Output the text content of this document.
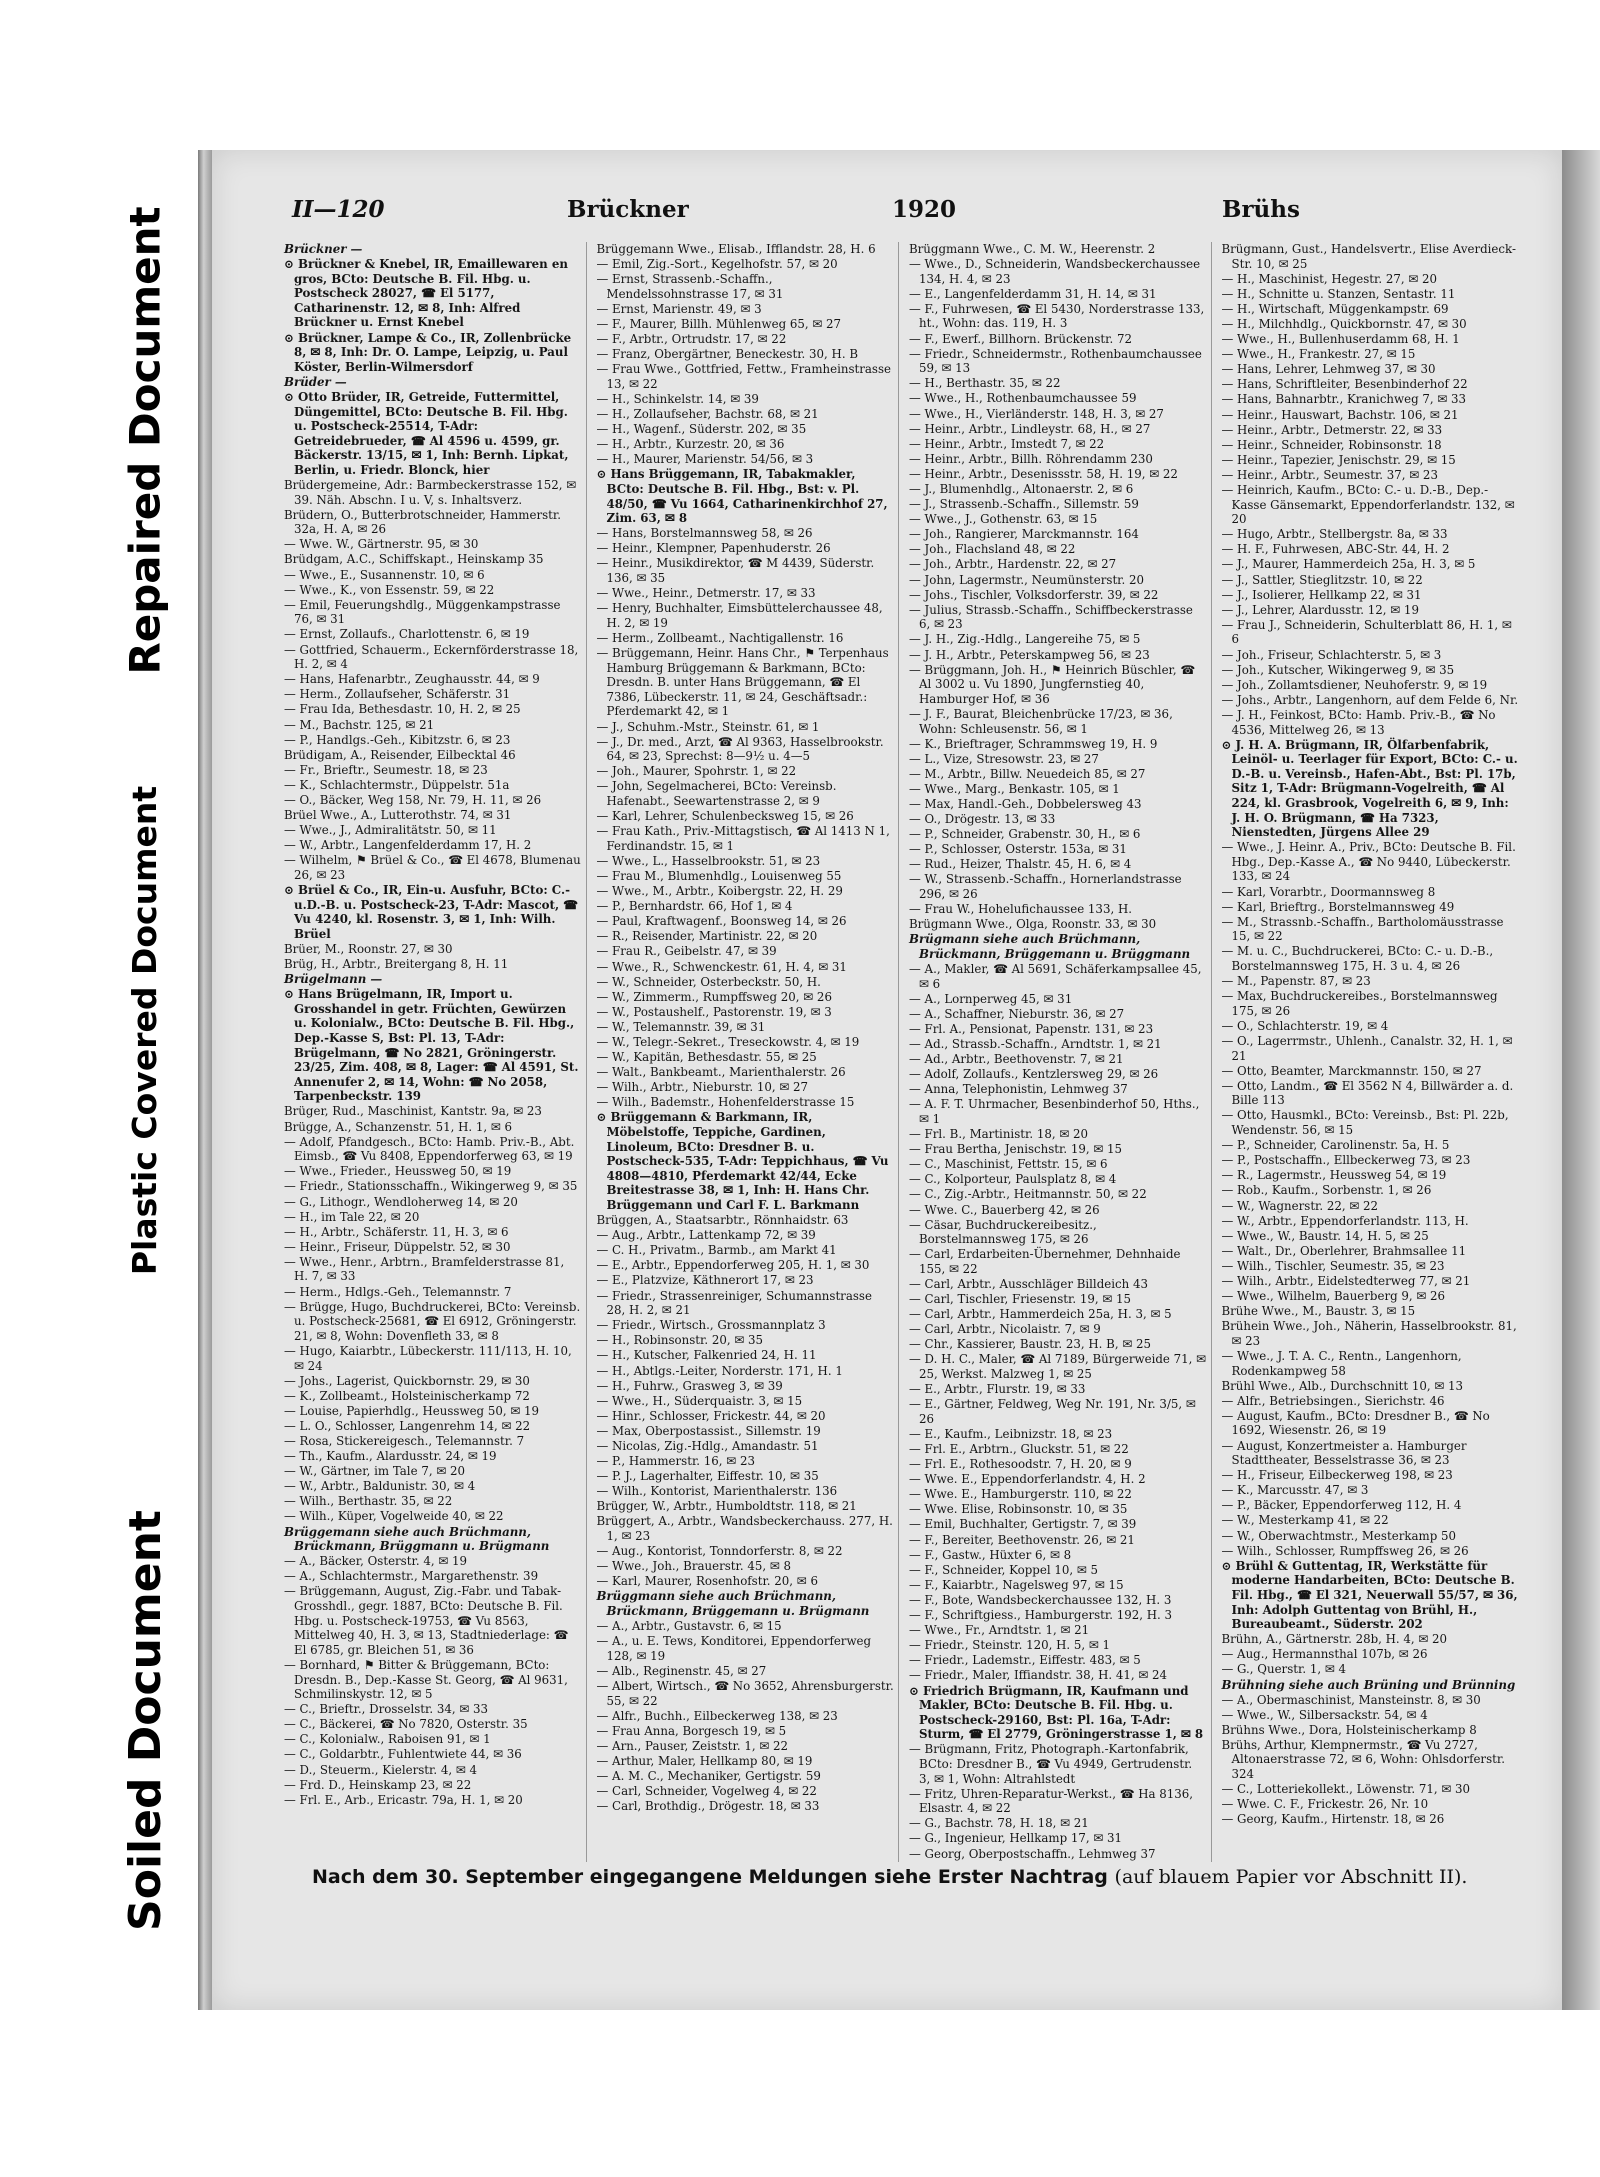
Soiled Document
Plastic Covered Document
Repaired Document	II—120	Brückner	1920	Brühs
Brückner —
⊙ Brückner & Knebel, IR, Emaillewaren en gros, BCto: Deutsche B. Fil. Hbg. u. Postscheck 28027, ☎ El 5177, Catharinenstr. 12, ✉ 8, Inh: Alfred Brückner u. Ernst Knebel
⊙ Brückner, Lampe & Co., IR, Zollenbrücke 8, ✉ 8, Inh: Dr. O. Lampe, Leipzig, u. Paul Köster, Berlin-Wilmersdorf
Brüder —
⊙ Otto Brüder, IR, Getreide, Futtermittel, Düngemittel, BCto: Deutsche B. Fil. Hbg. u. Postscheck-25514, T-Adr: Getreidebrueder, ☎ Al 4596 u. 4599, gr. Bäckerstr. 13/15, ✉ 1, Inh: Bernh. Lipkat, Berlin, u. Friedr. Blonck, hier
Brüdergemeine, Adr.: Barmbeckerstrasse 152, ✉ 39. Näh. Abschn. I u. V, s. Inhaltsverz.
Brüdern, O., Butterbrotschneider, Hammerstr. 32a, H. A, ✉ 26
— Wwe. W., Gärtnerstr. 95, ✉ 30
Brüdgam, A.C., Schiffskapt., Heinskamp 35
— Wwe., E., Susannenstr. 10, ✉ 6
— Wwe., K., von Essenstr. 59, ✉ 22
— Emil, Feuerungshdlg., Müggenkampstrasse 76, ✉ 31
— Ernst, Zollaufs., Charlottenstr. 6, ✉ 19
— Gottfried, Schauerm., Eckernförderstrasse 18, H. 2, ✉ 4
— Hans, Hafenarbtr., Zeughausstr. 44, ✉ 9
— Herm., Zollaufseher, Schäferstr. 31
— Frau Ida, Bethesdastr. 10, H. 2, ✉ 25
— M., Bachstr. 125, ✉ 21
— P., Handlgs.-Geh., Kibitzstr. 6, ✉ 23
Brüdigam, A., Reisender, Eilbecktal 46
— Fr., Brieftr., Seumestr. 18, ✉ 23
— K., Schlachtermstr., Düppelstr. 51a
— O., Bäcker, Weg 158, Nr. 79, H. 11, ✉ 26
Brüel Wwe., A., Lutterothstr. 74, ✉ 31
— Wwe., J., Admiralitätstr. 50, ✉ 11
— W., Arbtr., Langenfelderdamm 17, H. 2
— Wilhelm, ⚑ Brüel & Co., ☎ El 4678, Blumenau 26, ✉ 23
⊙ Brüel & Co., IR, Ein-u. Ausfuhr, BCto: C.-u.D.-B. u. Postscheck-23, T-Adr: Mascot, ☎ Vu 4240, kl. Rosenstr. 3, ✉ 1, Inh: Wilh. Brüel
Brüer, M., Roonstr. 27, ✉ 30
Brüg, H., Arbtr., Breitergang 8, H. 11
Brügelmann —
⊙ Hans Brügelmann, IR, Import u. Grosshandel in getr. Früchten, Gewürzen u. Kolonialw., BCto: Deutsche B. Fil. Hbg., Dep.-Kasse S, Bst: Pl. 13, T-Adr: Brügelmann, ☎ No 2821, Gröningerstr. 23/25, Zim. 408, ✉ 8, Lager: ☎ Al 4591, St. Annenufer 2, ✉ 14, Wohn: ☎ No 2058, Tarpenbeckstr. 139
Brüger, Rud., Maschinist, Kantstr. 9a, ✉ 23
Brügge, A., Schanzenstr. 51, H. 1, ✉ 6
— Adolf, Pfandgesch., BCto: Hamb. Priv.-B., Abt. Eimsb., ☎ Vu 8408, Eppendorferweg 63, ✉ 19
— Wwe., Frieder., Heussweg 50, ✉ 19
— Friedr., Stationsschaffn., Wikingerweg 9, ✉ 35
— G., Lithogr., Wendloherweg 14, ✉ 20
— H., im Tale 22, ✉ 20
— H., Arbtr., Schäferstr. 11, H. 3, ✉ 6
— Heinr., Friseur, Düppelstr. 52, ✉ 30
— Wwe., Henr., Arbtrn., Bramfelderstrasse 81, H. 7, ✉ 33
— Herm., Hdlgs.-Geh., Telemannstr. 7
— Brügge, Hugo, Buchdruckerei, BCto: Vereinsb. u. Postscheck-25681, ☎ El 6912, Gröningerstr. 21, ✉ 8, Wohn: Dovenfleth 33, ✉ 8
— Hugo, Kaiarbtr., Lübeckerstr. 111/113, H. 10, ✉ 24
— Johs., Lagerist, Quickbornstr. 29, ✉ 30
— K., Zollbeamt., Holsteinischerkamp 72
— Louise, Papierhdlg., Heussweg 50, ✉ 19
— L. O., Schlosser, Langenrehm 14, ✉ 22
— Rosa, Stickereigesch., Telemannstr. 7
— Th., Kaufm., Alardusstr. 24, ✉ 19
— W., Gärtner, im Tale 7, ✉ 20
— W., Arbtr., Baldunistr. 30, ✉ 4
— Wilh., Berthastr. 35, ✉ 22
— Wilh., Küper, Vogelweide 40, ✉ 22
Brüggemann siehe auch Brüchmann, Brückmann, Brüggmann u. Brügmann
— A., Bäcker, Osterstr. 4, ✉ 19
— A., Schlachtermstr., Margarethenstr. 39
— Brüggemann, August, Zig.-Fabr. und Tabak-Grosshdl., gegr. 1887, BCto: Deutsche B. Fil. Hbg. u. Postscheck-19753, ☎ Vu 8563, Mittelweg 40, H. 3, ✉ 13, Stadtniederlage: ☎ El 6785, gr. Bleichen 51, ✉ 36
— Bornhard, ⚑ Bitter & Brüggemann, BCto: Dresdn. B., Dep.-Kasse St. Georg, ☎ Al 9631, Schmilinskystr. 12, ✉ 5
— C., Brieftr., Drosselstr. 34, ✉ 33
— C., Bäckerei, ☎ No 7820, Osterstr. 35
— C., Kolonialw., Raboisen 91, ✉ 1
— C., Goldarbtr., Fuhlentwiete 44, ✉ 36
— D., Steuerm., Kielerstr. 4, ✉ 4
— Frd. D., Heinskamp 23, ✉ 22
— Frl. E., Arb., Ericastr. 79a, H. 1, ✉ 20
Brüggemann Wwe., Elisab., Ifflandstr. 28, H. 6
— Emil, Zig.-Sort., Kegelhofstr. 57, ✉ 20
— Ernst, Strassenb.-Schaffn., Mendelssohnstrasse 17, ✉ 31
— Ernst, Marienstr. 49, ✉ 3
— F., Maurer, Billh. Mühlenweg 65, ✉ 27
— F., Arbtr., Ortrudstr. 17, ✉ 22
— Franz, Obergärtner, Beneckestr. 30, H. B
— Frau Wwe., Gottfried, Fettw., Framheinstrasse 13, ✉ 22
— H., Schinkelstr. 14, ✉ 39
— H., Zollaufseher, Bachstr. 68, ✉ 21
— H., Wagenf., Süderstr. 202, ✉ 35
— H., Arbtr., Kurzestr. 20, ✉ 36
— H., Maurer, Marienstr. 54/56, ✉ 3
⊙ Hans Brüggemann, IR, Tabakmakler, BCto: Deutsche B. Fil. Hbg., Bst: v. Pl. 48/50, ☎ Vu 1664, Catharinenkirchhof 27, Zim. 63, ✉ 8
— Hans, Borstelmannsweg 58, ✉ 26
— Heinr., Klempner, Papenhuderstr. 26
— Heinr., Musikdirektor, ☎ M 4439, Süderstr. 136, ✉ 35
— Wwe., Heinr., Detmerstr. 17, ✉ 33
— Henry, Buchhalter, Eimsbüttelerchaussee 48, H. 2, ✉ 19
— Herm., Zollbeamt., Nachtigallenstr. 16
— Brüggemann, Heinr. Hans Chr., ⚑ Terpenhaus Hamburg Brüggemann & Barkmann, BCto: Dresdn. B. unter Hans Brüggemann, ☎ El 7386, Lübeckerstr. 11, ✉ 24, Geschäftsadr.: Pferdemarkt 42, ✉ 1
— J., Schuhm.-Mstr., Steinstr. 61, ✉ 1
— J., Dr. med., Arzt, ☎ Al 9363, Hasselbrookstr. 64, ✉ 23, Sprechst: 8—9½ u. 4—5
— Joh., Maurer, Spohrstr. 1, ✉ 22
— John, Segelmacherei, BCto: Vereinsb. Hafenabt., Seewartenstrasse 2, ✉ 9
— Karl, Lehrer, Schulenbecksweg 15, ✉ 26
— Frau Kath., Priv.-Mittagstisch, ☎ Al 1413 N 1, Ferdinandstr. 15, ✉ 1
— Wwe., L., Hasselbrookstr. 51, ✉ 23
— Frau M., Blumenhdlg., Louisenweg 55
— Wwe., M., Arbtr., Koibergstr. 22, H. 29
— P., Bernhardstr. 66, Hof 1, ✉ 4
— Paul, Kraftwagenf., Boonsweg 14, ✉ 26
— R., Reisender, Martinistr. 22, ✉ 20
— Frau R., Geibelstr. 47, ✉ 39
— Wwe., R., Schwenckestr. 61, H. 4, ✉ 31
— W., Schneider, Osterbeckstr. 50, H.
— W., Zimmerm., Rumpffsweg 20, ✉ 26
— W., Postaushelf., Pastorenstr. 19, ✉ 3
— W., Telemannstr. 39, ✉ 31
— W., Telegr.-Sekret., Treseckowstr. 4, ✉ 19
— W., Kapitän, Bethesdastr. 55, ✉ 25
— Walt., Bankbeamt., Marienthalerstr. 26
— Wilh., Arbtr., Nieburstr. 10, ✉ 27
— Wilh., Bademstr., Hohenfelderstrasse 15
⊙ Brüggemann & Barkmann, IR, Möbelstoffe, Teppiche, Gardinen, Linoleum, BCto: Dresdner B. u. Postscheck-535, T-Adr: Teppichhaus, ☎ Vu 4808—4810, Pferdemarkt 42/44, Ecke Breitestrasse 38, ✉ 1, Inh: H. Hans Chr. Brüggemann und Carl F. L. Barkmann
Brüggen, A., Staatsarbtr., Rönnhaidstr. 63
— Aug., Arbtr., Lattenkamp 72, ✉ 39
— C. H., Privatm., Barmb., am Markt 41
— E., Arbtr., Eppendorferweg 205, H. 1, ✉ 30
— E., Platzvize, Käthnerort 17, ✉ 23
— Friedr., Strassenreiniger, Schumannstrasse 28, H. 2, ✉ 21
— Friedr., Wirtsch., Grossmannplatz 3
— H., Robinsonstr. 20, ✉ 35
— H., Kutscher, Falkenried 24, H. 11
— H., Abtlgs.-Leiter, Norderstr. 171, H. 1
— H., Fuhrw., Grasweg 3, ✉ 39
— Wwe., H., Süderquaistr. 3, ✉ 15
— Hinr., Schlosser, Frickestr. 44, ✉ 20
— Max, Oberpostassist., Sillemstr. 19
— Nicolas, Zig.-Hdlg., Amandastr. 51
— P., Hammerstr. 16, ✉ 23
— P. J., Lagerhalter, Eiffestr. 10, ✉ 35
— Wilh., Kontorist, Marienthalerstr. 136
Brügger, W., Arbtr., Humboldtstr. 118, ✉ 21
Brüggert, A., Arbtr., Wandsbeckerchauss. 277, H. 1, ✉ 23
— Aug., Kontorist, Tonndorferstr. 8, ✉ 22
— Wwe., Joh., Brauerstr. 45, ✉ 8
— Karl, Maurer, Rosenhofstr. 20, ✉ 6
Brüggmann siehe auch Brüchmann, Brückmann, Brüggemann u. Brügmann
— A., Arbtr., Gustavstr. 6, ✉ 15
— A., u. E. Tews, Konditorei, Eppendorferweg 128, ✉ 19
— Alb., Reginenstr. 45, ✉ 27
— Albert, Wirtsch., ☎ No 3652, Ahrensburgerstr. 55, ✉ 22
— Alfr., Buchh., Eilbeckerweg 138, ✉ 23
— Frau Anna, Borgesch 19, ✉ 5
— Arn., Pauser, Zeiststr. 1, ✉ 22
— Arthur, Maler, Hellkamp 80, ✉ 19
— A. M. C., Mechaniker, Gertigstr. 59
— Carl, Schneider, Vogelweg 4, ✉ 22
— Carl, Brothdig., Drögestr. 18, ✉ 33
Brüggmann Wwe., C. M. W., Heerenstr. 2
— Wwe., D., Schneiderin, Wandsbeckerchaussee 134, H. 4, ✉ 23
— E., Langenfelderdamm 31, H. 14, ✉ 31
— F., Fuhrwesen, ☎ El 5430, Norderstrasse 133, ht., Wohn: das. 119, H. 3
— F., Ewerf., Billhorn. Brückenstr. 72
— Friedr., Schneidermstr., Rothenbaumchaussee 59, ✉ 13
— H., Berthastr. 35, ✉ 22
— Wwe., H., Rothenbaumchaussee 59
— Wwe., H., Vierländerstr. 148, H. 3, ✉ 27
— Heinr., Arbtr., Lindleystr. 68, H., ✉ 27
— Heinr., Arbtr., Imstedt 7, ✉ 22
— Heinr., Arbtr., Billh. Röhrendamm 230
— Heinr., Arbtr., Desenissstr. 58, H. 19, ✉ 22
— J., Blumenhdlg., Altonaerstr. 2, ✉ 6
— J., Strassenb.-Schaffn., Sillemstr. 59
— Wwe., J., Gothenstr. 63, ✉ 15
— Joh., Rangierer, Marckmannstr. 164
— Joh., Flachsland 48, ✉ 22
— Joh., Arbtr., Hardenstr. 22, ✉ 27
— John, Lagermstr., Neumünsterstr. 20
— Johs., Tischler, Volksdorferstr. 39, ✉ 22
— Julius, Strassb.-Schaffn., Schiffbeckerstrasse 6, ✉ 23
— J. H., Zig.-Hdlg., Langereihe 75, ✉ 5
— J. H., Arbtr., Peterskampweg 56, ✉ 23
— Brüggmann, Joh. H., ⚑ Heinrich Büschler, ☎ Al 3002 u. Vu 1890, Jungfernstieg 40, Hamburger Hof, ✉ 36
— J. F., Baurat, Bleichenbrücke 17/23, ✉ 36, Wohn: Schleusenstr. 56, ✉ 1
— K., Brieftrager, Schrammsweg 19, H. 9
— L., Vize, Stresowstr. 23, ✉ 27
— M., Arbtr., Billw. Neuedeich 85, ✉ 27
— Wwe., Marg., Benkastr. 105, ✉ 1
— Max, Handl.-Geh., Dobbelersweg 43
— O., Drögestr. 13, ✉ 33
— P., Schneider, Grabenstr. 30, H., ✉ 6
— P., Schlosser, Osterstr. 153a, ✉ 31
— Rud., Heizer, Thalstr. 45, H. 6, ✉ 4
— W., Strassenb.-Schaffn., Hornerlandstrasse 296, ✉ 26
— Frau W., Hohelufichaussee 133, H.
Brügmann Wwe., Olga, Roonstr. 33, ✉ 30
Brügmann siehe auch Brüchmann, Brückmann, Brüggemann u. Brüggmann
— A., Makler, ☎ Al 5691, Schäferkampsallee 45, ✉ 6
— A., Lornperweg 45, ✉ 31
— A., Schaffner, Nieburstr. 36, ✉ 27
— Frl. A., Pensionat, Papenstr. 131, ✉ 23
— Ad., Strassb.-Schaffn., Arndtstr. 1, ✉ 21
— Ad., Arbtr., Beethovenstr. 7, ✉ 21
— Adolf, Zollaufs., Kentzlersweg 29, ✉ 26
— Anna, Telephonistin, Lehmweg 37
— A. F. T. Uhrmacher, Besenbinderhof 50, Hths., ✉ 1
— Frl. B., Martinistr. 18, ✉ 20
— Frau Bertha, Jenischstr. 19, ✉ 15
— C., Maschinist, Fettstr. 15, ✉ 6
— C., Kolporteur, Paulsplatz 8, ✉ 4
— C., Zig.-Arbtr., Heitmannstr. 50, ✉ 22
— Wwe. C., Bauerberg 42, ✉ 26
— Cäsar, Buchdruckereibesitz., Borstelmannsweg 175, ✉ 26
— Carl, Erdarbeiten-Übernehmer, Dehnhaide 155, ✉ 22
— Carl, Arbtr., Ausschläger Billdeich 43
— Carl, Tischler, Friesenstr. 19, ✉ 15
— Carl, Arbtr., Hammerdeich 25a, H. 3, ✉ 5
— Carl, Arbtr., Nicolaistr. 7, ✉ 9
— Chr., Kassierer, Baustr. 23, H. B, ✉ 25
— D. H. C., Maler, ☎ Al 7189, Bürgerweide 71, ✉ 25, Werkst. Malzweg 1, ✉ 25
— E., Arbtr., Flurstr. 19, ✉ 33
— E., Gärtner, Feldweg, Weg Nr. 191, Nr. 3/5, ✉ 26
— E., Kaufm., Leibnizstr. 18, ✉ 23
— Frl. E., Arbtrn., Gluckstr. 51, ✉ 22
— Frl. E., Rothesoodstr. 7, H. 20, ✉ 9
— Wwe. E., Eppendorferlandstr. 4, H. 2
— Wwe. E., Hamburgerstr. 110, ✉ 22
— Wwe. Elise, Robinsonstr. 10, ✉ 35
— Emil, Buchhalter, Gertigstr. 7, ✉ 39
— F., Bereiter, Beethovenstr. 26, ✉ 21
— F., Gastw., Hüxter 6, ✉ 8
— F., Schneider, Koppel 10, ✉ 5
— F., Kaiarbtr., Nagelsweg 97, ✉ 15
— F., Bote, Wandsbeckerchaussee 132, H. 3
— F., Schriftgiess., Hamburgerstr. 192, H. 3
— Wwe., Fr., Arndtstr. 1, ✉ 21
— Friedr., Steinstr. 120, H. 5, ✉ 1
— Friedr., Lademstr., Eiffestr. 483, ✉ 5
— Friedr., Maler, Iffiandstr. 38, H. 41, ✉ 24
⊙ Friedrich Brügmann, IR, Kaufmann und Makler, BCto: Deutsche B. Fil. Hbg. u. Postscheck-29160, Bst: Pl. 16a, T-Adr: Sturm, ☎ El 2779, Gröningerstrasse 1, ✉ 8
— Brügmann, Fritz, Photograph.-Kartonfabrik, BCto: Dresdner B., ☎ Vu 4949, Gertrudenstr. 3, ✉ 1, Wohn: Altrahlstedt
— Fritz, Uhren-Reparatur-Werkst., ☎ Ha 8136, Elsastr. 4, ✉ 22
— G., Bachstr. 78, H. 18, ✉ 21
— G., Ingenieur, Hellkamp 17, ✉ 31
— Georg, Oberpostschaffn., Lehmweg 37
Brügmann, Gust., Handelsvertr., Elise Averdieck-Str. 10, ✉ 25
— H., Maschinist, Hegestr. 27, ✉ 20
— H., Schnitte u. Stanzen, Sentastr. 11
— H., Wirtschaft, Müggenkampstr. 69
— H., Milchhdlg., Quickbornstr. 47, ✉ 30
— Wwe., H., Bullenhuserdamm 68, H. 1
— Wwe., H., Frankestr. 27, ✉ 15
— Hans, Lehrer, Lehmweg 37, ✉ 30
— Hans, Schriftleiter, Besenbinderhof 22
— Hans, Bahnarbtr., Kranichweg 7, ✉ 33
— Heinr., Hauswart, Bachstr. 106, ✉ 21
— Heinr., Arbtr., Detmerstr. 22, ✉ 33
— Heinr., Schneider, Robinsonstr. 18
— Heinr., Tapezier, Jenischstr. 29, ✉ 15
— Heinr., Arbtr., Seumestr. 37, ✉ 23
— Heinrich, Kaufm., BCto: C.- u. D.-B., Dep.-Kasse Gänsemarkt, Eppendorferlandstr. 132, ✉ 20
— Hugo, Arbtr., Stellbergstr. 8a, ✉ 33
— H. F., Fuhrwesen, ABC-Str. 44, H. 2
— J., Maurer, Hammerdeich 25a, H. 3, ✉ 5
— J., Sattler, Stieglitzstr. 10, ✉ 22
— J., Isolierer, Hellkamp 22, ✉ 31
— J., Lehrer, Alardusstr. 12, ✉ 19
— Frau J., Schneiderin, Schulterblatt 86, H. 1, ✉ 6
— Joh., Friseur, Schlachterstr. 5, ✉ 3
— Joh., Kutscher, Wikingerweg 9, ✉ 35
— Joh., Zollamtsdiener, Neuhoferstr. 9, ✉ 19
— Johs., Arbtr., Langenhorn, auf dem Felde 6, Nr.
— J. H., Feinkost, BCto: Hamb. Priv.-B., ☎ No 4536, Mittelweg 26, ✉ 13
⊙ J. H. A. Brügmann, IR, Ölfarbenfabrik, Leinöl- u. Teerlager für Export, BCto: C.- u. D.-B. u. Vereinsb., Hafen-Abt., Bst: Pl. 17b, Sitz 1, T-Adr: Brügmann-Vogelreith, ☎ Al 224, kl. Grasbrook, Vogelreith 6, ✉ 9, Inh: J. H. O. Brügmann, ☎ Ha 7323, Nienstedten, Jürgens Allee 29
— Wwe., J. Heinr. A., Priv., BCto: Deutsche B. Fil. Hbg., Dep.-Kasse A., ☎ No 9440, Lübeckerstr. 133, ✉ 24
— Karl, Vorarbtr., Doormannsweg 8
— Karl, Brieftrg., Borstelmannsweg 49
— M., Strassnb.-Schaffn., Bartholomäusstrasse 15, ✉ 22
— M. u. C., Buchdruckerei, BCto: C.- u. D.-B., Borstelmannsweg 175, H. 3 u. 4, ✉ 26
— M., Papenstr. 87, ✉ 23
— Max, Buchdruckereibes., Borstelmannsweg 175, ✉ 26
— O., Schlachterstr. 19, ✉ 4
— O., Lagerrmstr., Uhlenh., Canalstr. 32, H. 1, ✉ 21
— Otto, Beamter, Marckmannstr. 150, ✉ 27
— Otto, Landm., ☎ El 3562 N 4, Billwärder a. d. Bille 113
— Otto, Hausmkl., BCto: Vereinsb., Bst: Pl. 22b, Wendenstr. 56, ✉ 15
— P., Schneider, Carolinenstr. 5a, H. 5
— P., Postschaffn., Ellbeckerweg 73, ✉ 23
— R., Lagermstr., Heussweg 54, ✉ 19
— Rob., Kaufm., Sorbenstr. 1, ✉ 26
— W., Wagnerstr. 22, ✉ 22
— W., Arbtr., Eppendorferlandstr. 113, H.
— Wwe., W., Baustr. 14, H. 5, ✉ 25
— Walt., Dr., Oberlehrer, Brahmsallee 11
— Wilh., Tischler, Seumestr. 35, ✉ 23
— Wilh., Arbtr., Eidelstedterweg 77, ✉ 21
— Wwe., Wilhelm, Bauerberg 9, ✉ 26
Brühe Wwe., M., Baustr. 3, ✉ 15
Brühein Wwe., Joh., Näherin, Hasselbrookstr. 81, ✉ 23
— Wwe., J. T. A. C., Rentn., Langenhorn, Rodenkampweg 58
Brühl Wwe., Alb., Durchschnitt 10, ✉ 13
— Alfr., Betriebsingen., Sierichstr. 46
— August, Kaufm., BCto: Dresdner B., ☎ No 1692, Wiesenstr. 26, ✉ 19
— August, Konzertmeister a. Hamburger Stadttheater, Besselstrasse 36, ✉ 23
— H., Friseur, Eilbeckerweg 198, ✉ 23
— K., Marcusstr. 47, ✉ 3
— P., Bäcker, Eppendorferweg 112, H. 4
— W., Mesterkamp 41, ✉ 22
— W., Oberwachtmstr., Mesterkamp 50
— Wilh., Schlosser, Rumpffsweg 26, ✉ 26
⊙ Brühl & Guttentag, IR, Werkstätte für moderne Handarbeiten, BCto: Deutsche B. Fil. Hbg., ☎ El 321, Neuerwall 55/57, ✉ 36, Inh: Adolph Guttentag von Brühl, H., Bureaubeamt., Süderstr. 202
Brühn, A., Gärtnerstr. 28b, H. 4, ✉ 20
— Aug., Hermannsthal 107b, ✉ 26
— G., Querstr. 1, ✉ 4
Brühning siehe auch Brüning und Brünning
— A., Obermaschinist, Mansteinstr. 8, ✉ 30
— Wwe., W., Silbersackstr. 54, ✉ 4
Brühns Wwe., Dora, Holsteinischerkamp 8
Brühs, Arthur, Klempnermstr., ☎ Vu 2727, Altonaerstrasse 72, ✉ 6, Wohn: Ohlsdorferstr. 324
— C., Lotteriekollekt., Löwenstr. 71, ✉ 30
— Wwe. C. F., Frickestr. 26, Nr. 10
— Georg, Kaufm., Hirtenstr. 18, ✉ 26
Nach dem 30. September eingegangene Meldungen siehe Erster Nachtrag (auf blauem Papier vor Abschnitt II).
